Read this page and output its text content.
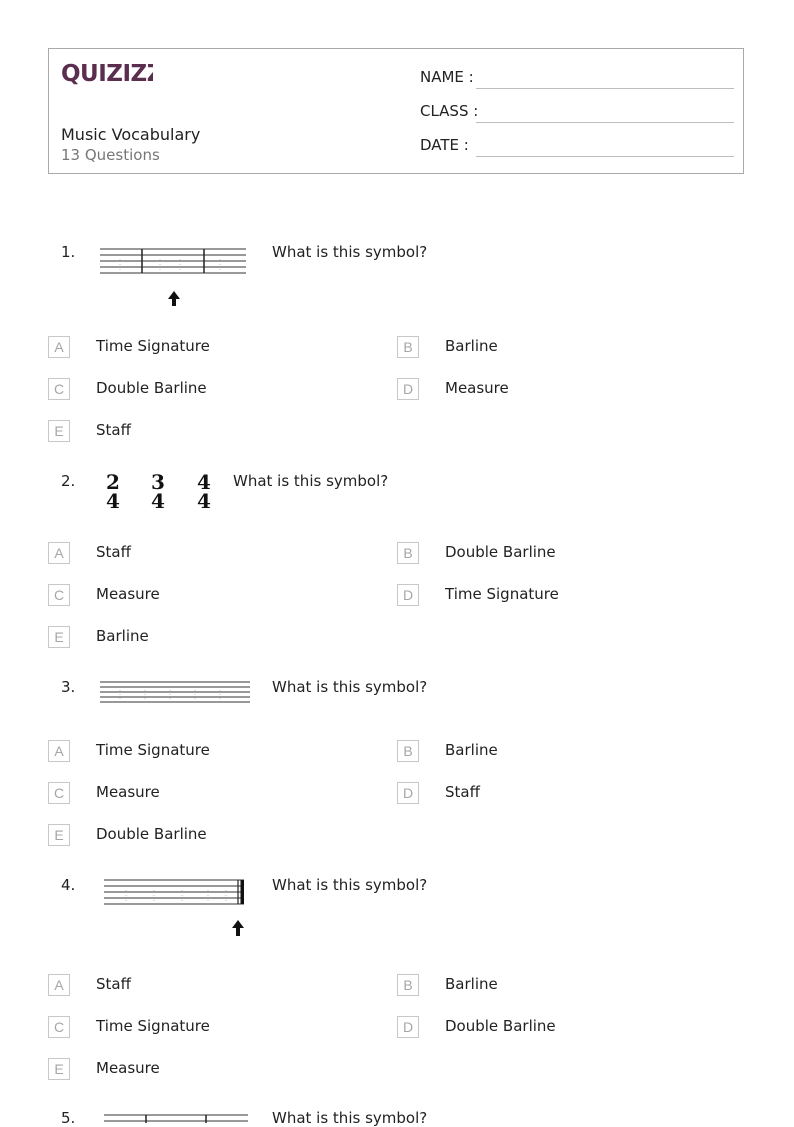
QUIZIZZ
Music Vocabulary
13 Questions
NAME :
CLASS :
DATE :
1.	What is this symbol?
A	Time Signature	B	Barline
C	Double Barline	D	Measure
E	Staff
2. 2
4
3
4
4
4
What is this symbol?
A	Staff	B	Double Barline
C	Measure	D	Time Signature
E	Barline
3.	What is this symbol?
A	Time Signature	B	Barline
C	Measure	D	Staff
E	Double Barline
4.	What is this symbol?
A	Staff	B	Barline
C	Time Signature	D	Double Barline
E	Measure
5.	What is this symbol?
